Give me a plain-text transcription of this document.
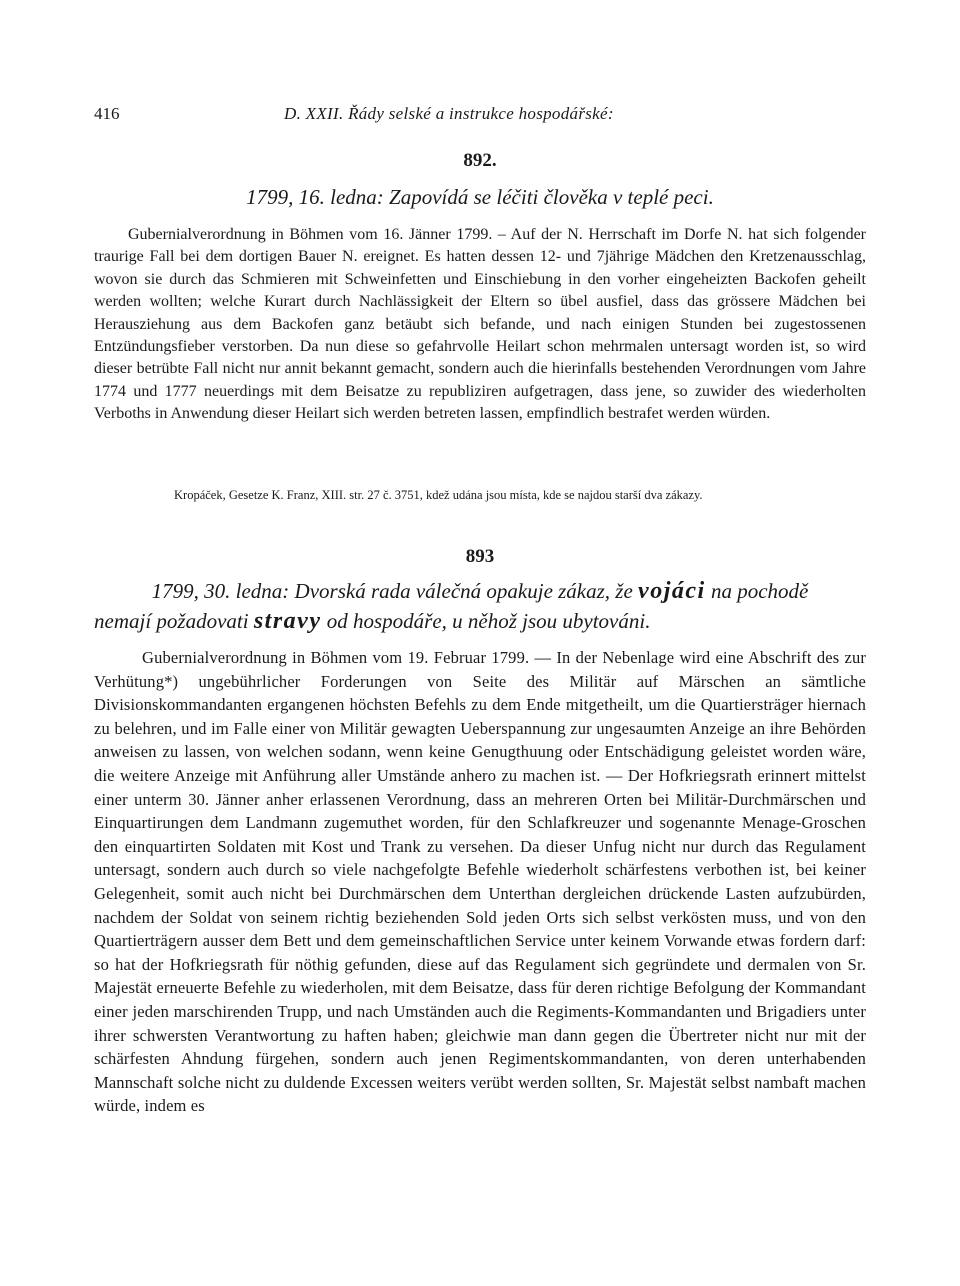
416	D. XXII. Řády selské a instrukce hospodářské:
892.
1799, 16. ledna: Zapovídá se léčiti člověka v teplé peci.

Gubernialverordnung in Böhmen vom 16. Jänner 1799. – Auf der N. Herrschaft im Dorfe N. hat sich folgender traurige Fall bei dem dortigen Bauer N. ereignet. Es hatten dessen 12- und 7jährige Mädchen den Kretzenausschlag, wovon sie durch das Schmieren mit Schweinfetten und Einschiebung in den vorher eingeheizten Backofen geheilt werden wollten; welche Kurart durch Nachlässigkeit der Eltern so übel ausfiel, dass das grössere Mädchen bei Herausziehung aus dem Backofen ganz betäubt sich befande, und nach einigen Stunden bei zugestossenen Entzündungsfieber verstorben. Da nun diese so gefahrvolle Heilart schon mehrmalen untersagt worden ist, so wird dieser betrübte Fall nicht nur annit bekannt gemacht, sondern auch die hierinfalls bestehenden Verordnungen vom Jahre 1774 und 1777 neuerdings mit dem Beisatze zu republiziren aufgetragen, dass jene, so zuwider des wiederholten Verboths in Anwendung dieser Heilart sich werden betreten lassen, empfindlich bestrafet werden würden.

Kropáček, Gesetze K. Franz, XIII. str. 27 č. 3751, kdež udána jsou místa, kde se najdou starší dva zákazy.
893
1799, 30. ledna: Dvorská rada válečná opakuje zákaz, že vojáci na pochodě
nemají požadovati stravy od hospodáře, u něhož jsou ubytováni.

Gubernialverordnung in Böhmen vom 19. Februar 1799. — In der Nebenlage wird eine Abschrift des zur Verhütung*) ungebührlicher Forderungen von Seite des Militär auf Märschen an sämtliche Divisionskommandanten ergangenen höchsten Befehls zu dem Ende mitgetheilt, um die Quartiersträger hiernach zu belehren, und im Falle einer von Militär gewagten Ueberspannung zur ungesaumten Anzeige an ihre Behörden anweisen zu lassen, von welchen sodann, wenn keine Genugthuung oder Entschädigung geleistet worden wäre, die weitere Anzeige mit Anführung aller Umstände anhero zu machen ist. — Der Hofkriegsrath erinnert mittelst einer unterm 30. Jänner anher erlassenen Verordnung, dass an mehreren Orten bei Militär-Durchmärschen und Einquartirungen dem Landmann zugemuthet worden, für den Schlafkreuzer und sogenannte Menage-Groschen den einquartirten Soldaten mit Kost und Trank zu versehen. Da dieser Unfug nicht nur durch das Regulament untersagt, sondern auch durch so viele nachgefolgte Befehle wiederholt schärfestens verbothen ist, bei keiner Gelegenheit, somit auch nicht bei Durchmärschen dem Unterthan dergleichen drückende Lasten aufzubürden, nachdem der Soldat von seinem richtig beziehenden Sold jeden Orts sich selbst verkösten muss, und von den Quartierträgern ausser dem Bett und dem gemeinschaftlichen Service unter keinem Vorwande etwas fordern darf: so hat der Hofkriegsrath für nöthig gefunden, diese auf das Regulament sich gegründete und dermalen von Sr. Majestät erneuerte Befehle zu wiederholen, mit dem Beisatze, dass für deren richtige Befolgung der Kommandant einer jeden marschirenden Trupp, und nach Umständen auch die Regiments-Kommandanten und Brigadiers unter ihrer schwersten Verantwortung zu haften haben; gleichwie man dann gegen die Übertreter nicht nur mit der schärfesten Ahndung fürgehen, sondern auch jenen Regimentskommandanten, von deren unterhabenden Mannschaft solche nicht zu duldende Excessen weiters verübt werden sollten, Sr. Majestät selbst nambaft machen würde, indem es
